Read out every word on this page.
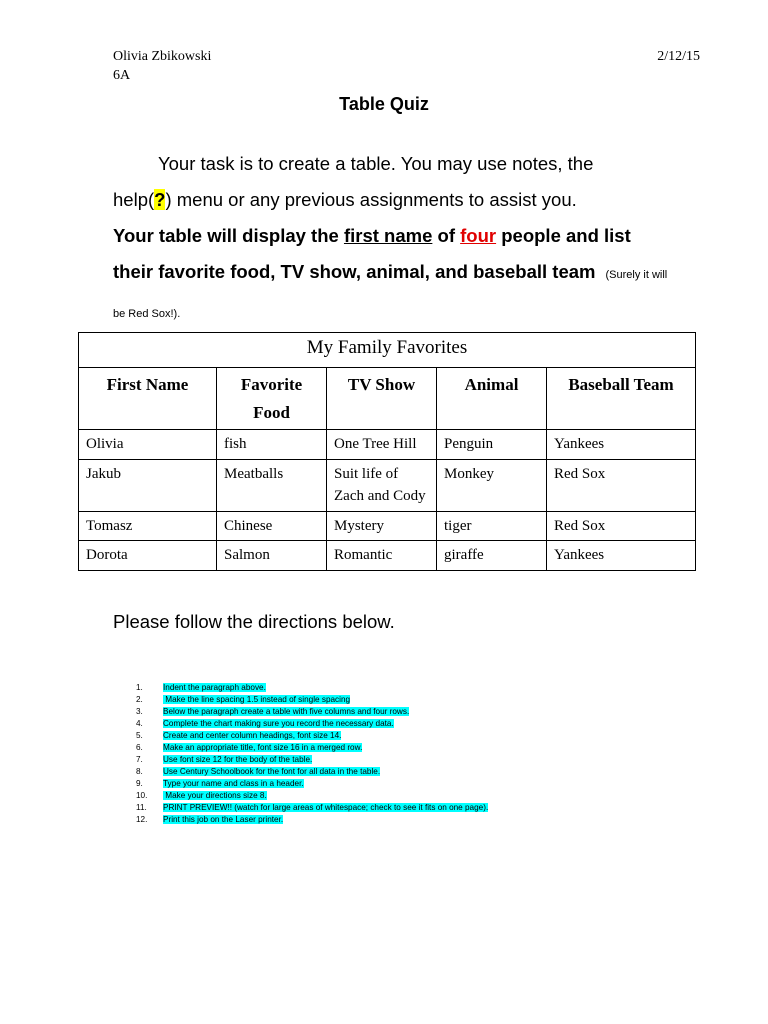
Olivia Zbikowski
6A
2/12/15
Table Quiz
Your task is to create a table. You may use notes, the
help(?) menu or any previous assignments to assist you.
Your table will display the first name of four people and list their favorite food, TV show, animal, and baseball team (Surely it will be Red Sox!).
My Family Favorites				
First Name	Favorite Food	TV Show	Animal	Baseball Team
Olivia	fish	One Tree Hill	Penguin	Yankees
Jakub	Meatballs	Suit life of Zach and Cody	Monkey	Red Sox
Tomasz	Chinese	Mystery	tiger	Red Sox
Dorota	Salmon	Romantic	giraffe	Yankees
Please follow the directions below.
1. Indent the paragraph above.
2. Make the line spacing 1.5 instead of single spacing
3. Below the paragraph create a table with five columns and four rows.
4. Complete the chart making sure you record the necessary data.
5. Create and center column headings, font size 14.
6. Make an appropriate title, font size 16 in a merged row.
7. Use font size 12 for the body of the table.
8. Use Century Schoolbook for the font for all data in the table.
9. Type your name and class in a header.
10. Make your directions size 8.
11. PRINT PREVIEW!! (watch for large areas of whitespace; check to see it fits on one page).
12. Print this job on the Laser printer.
